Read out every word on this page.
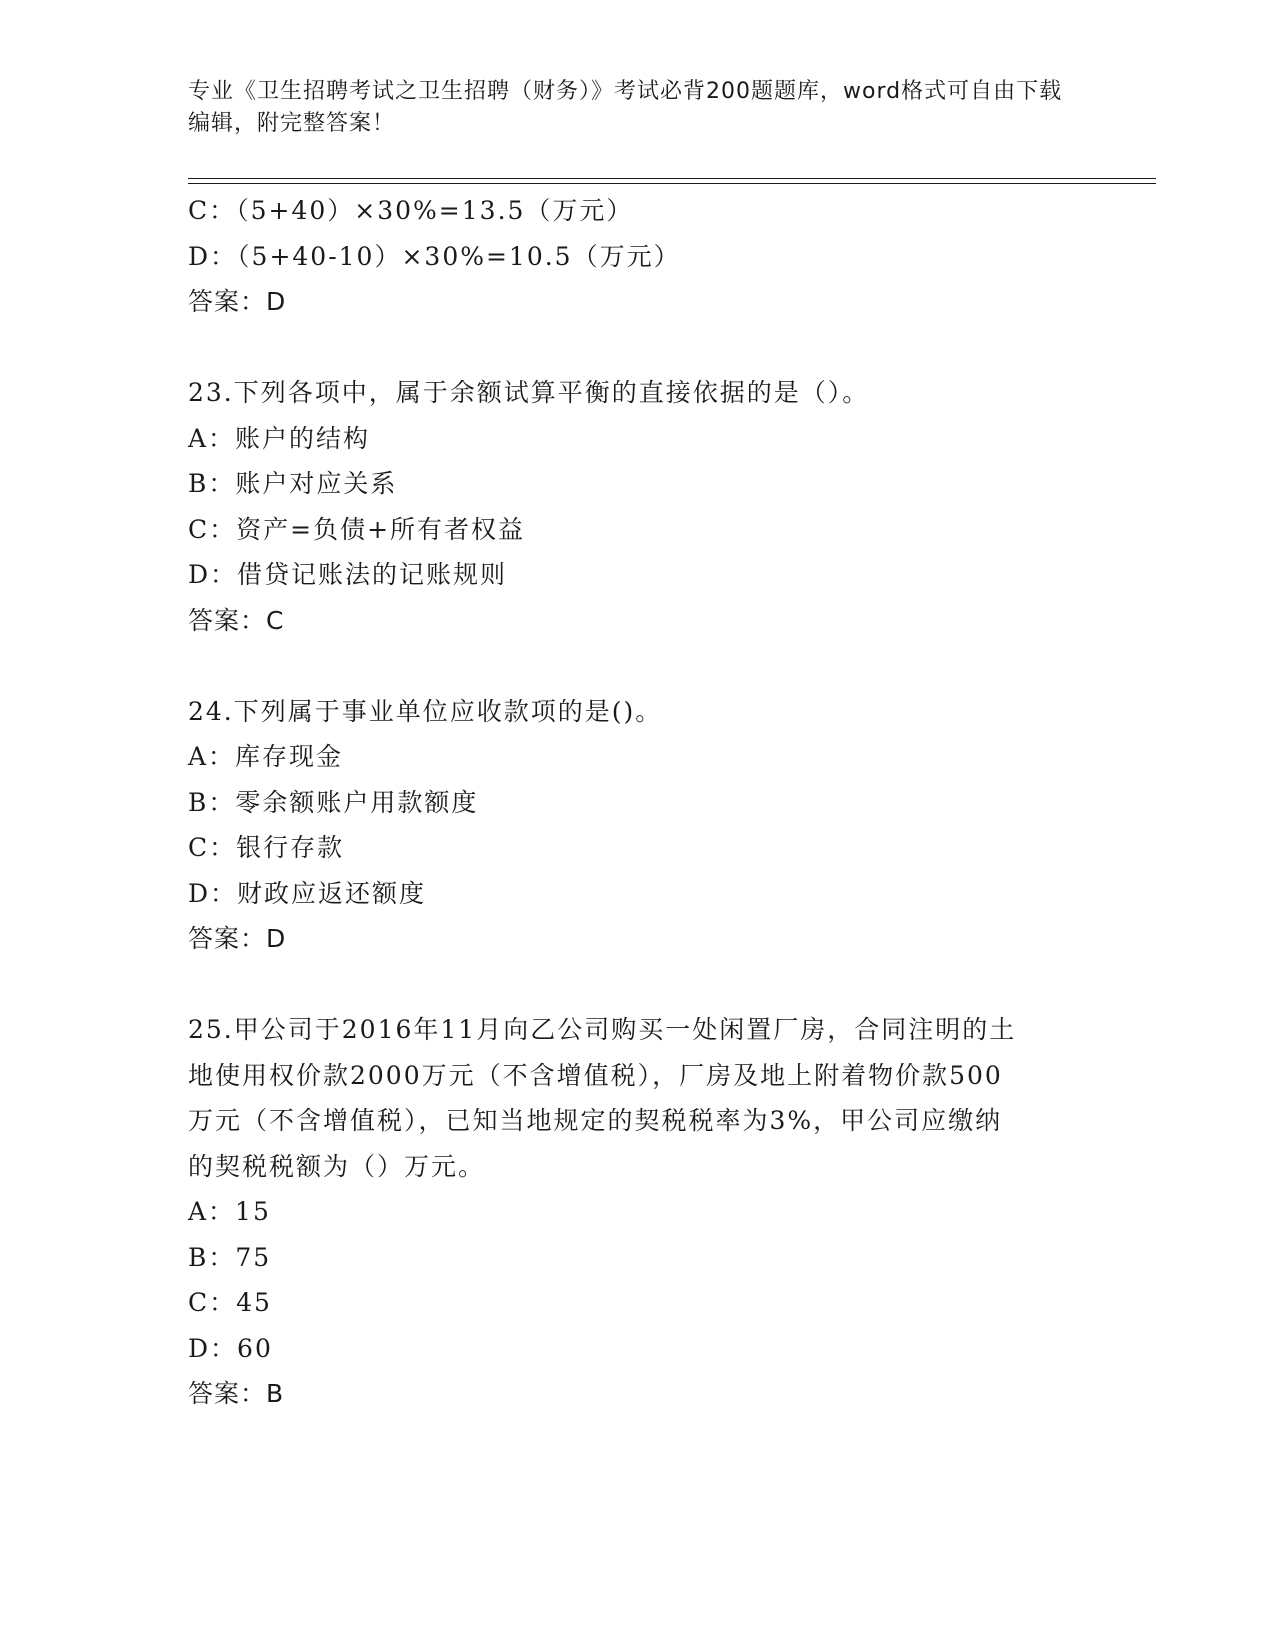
专业《卫生招聘考试之卫生招聘（财务）》考试必背200题题库，word格式可自由下载编辑，附完整答案！
C：（5+40）×30%=13.5（万元）
D：（5+40-10）×30%=10.5（万元）
答案：D
23.下列各项中，属于余额试算平衡的直接依据的是（）。
A：账户的结构
B：账户对应关系
C：资产=负债+所有者权益
D：借贷记账法的记账规则
答案：C
24.下列属于事业单位应收款项的是()。
A：库存现金
B：零余额账户用款额度
C：银行存款
D：财政应返还额度
答案：D
25.甲公司于2016年11月向乙公司购买一处闲置厂房，合同注明的土
地使用权价款2000万元（不含增值税），厂房及地上附着物价款500
万元（不含增值税），已知当地规定的契税税率为3%，甲公司应缴纳
的契税税额为（）万元。
A：15
B：75
C：45
D：60
答案：B
